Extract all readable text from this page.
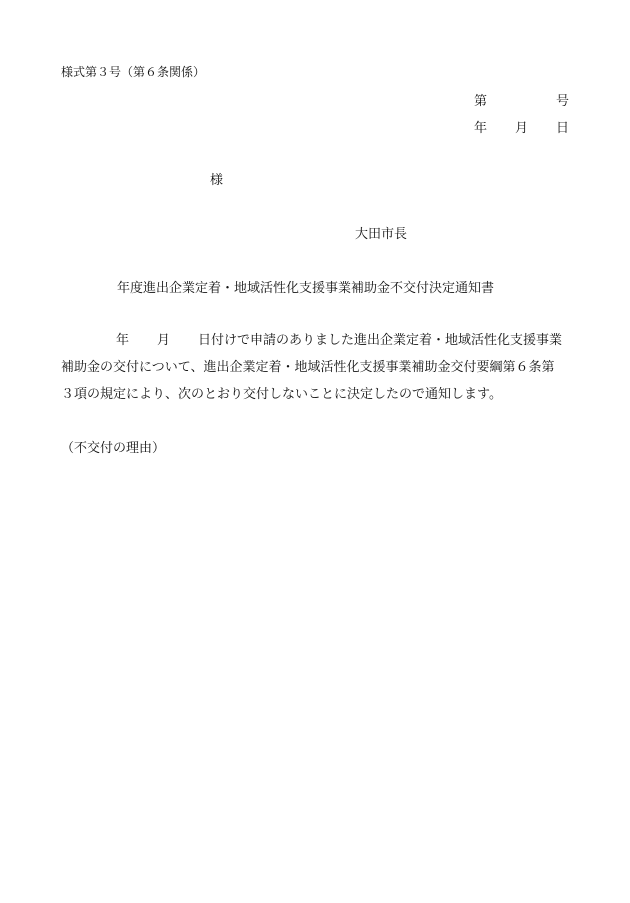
様式第３号（第６条関係）
第	号
年 月 日
様
大田市長
年度進出企業定着・地域活性化支援事業補助金不交付決定通知書
年 月 日付けで申請のありました進出企業定着・地域活性化支援事業
補助金の交付について、進出企業定着・地域活性化支援事業補助金交付要綱第６条第
３項の規定により、次のとおり交付しないことに決定したので通知します。
（不交付の理由）
